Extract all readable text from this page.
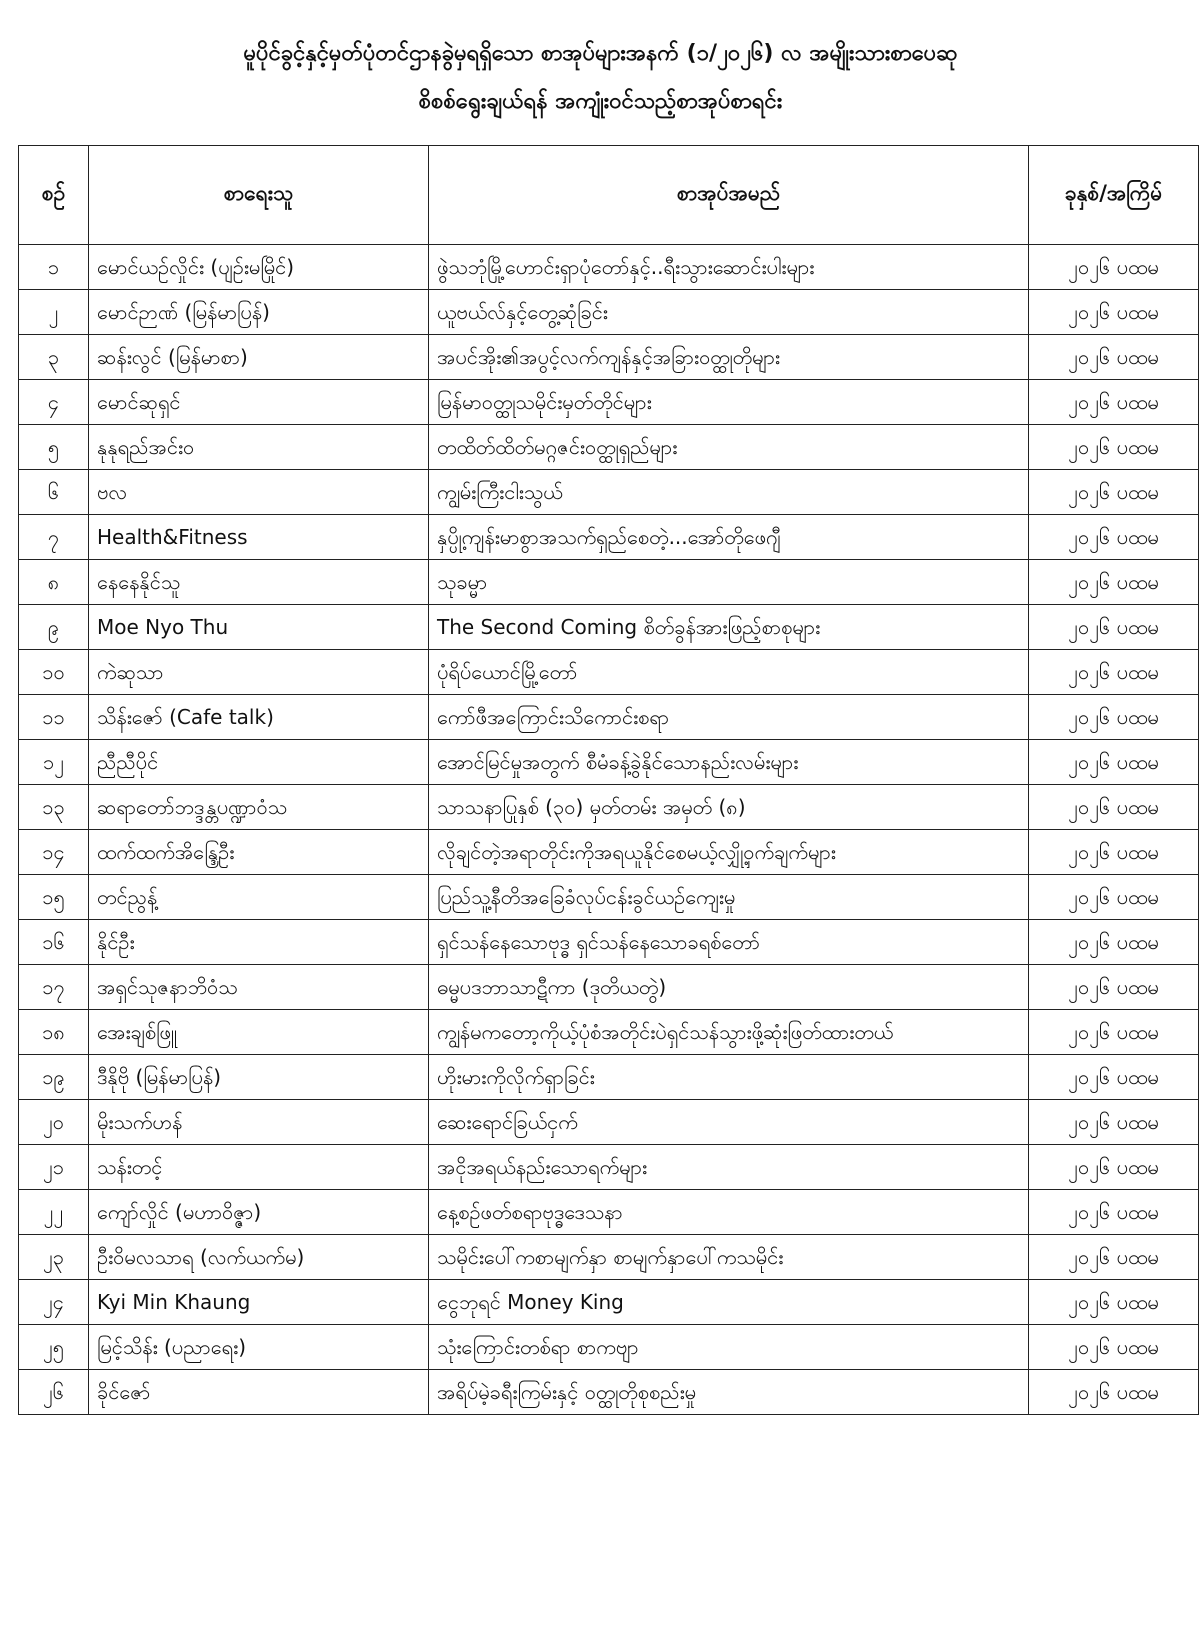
မူပိုင်ခွင့်နှင့်မှတ်ပုံတင်ဌာနခွဲမှရရှိသော စာအုပ်များအနက် (၁/၂၀၂၆) လ အမျိုးသားစာပေဆု
စိစစ်ရွေးချယ်ရန် အကျုံးဝင်သည့်စာအုပ်စာရင်း
စဉ်	စာရေးသူ	စာအုပ်အမည်	ခုနှစ်/အကြိမ်
၁	မောင်ယဉ်လှိုင်း (ပျဉ်းမမြိုင်)	ဖွဲသဘုံမြို့ဟောင်းရှာပုံတော်နှင့်..ရီးသွားဆောင်းပါးများ	၂၀၂၆ ပထမ
၂	မောင်ဉာဏ် (မြန်မာပြန်)	ယူဗယ်လ်နှင့်တွေ့ဆုံခြင်း	၂၀၂၆ ပထမ
၃	ဆန်းလွင် (မြန်မာစာ)	အပင်အိုး၏အပွင့်လက်ကျန်နှင့်အခြားဝတ္ထုတိုများ	၂၀၂၆ ပထမ
၄	မောင်ဆုရှင်	မြန်မာဝတ္ထုသမိုင်းမှတ်တိုင်များ	၂၀၂၆ ပထမ
၅	နုနုရည်အင်းဝ	တထိတ်ထိတ်မဂ္ဂဇင်းဝတ္ထုရှည်များ	၂၀၂၆ ပထမ
၆	ဗလ	ကျွမ်းကြီးငါးသွယ်	၂၀၂၆ ပထမ
၇	Health&Fitness	နှပ္ပို့ကျန်းမာစွာအသက်ရှည်စေတဲ့...အော်တိုဖေဂျီ	၂၀၂၆ ပထမ
၈	နေနေနိုင်သူ	သုခမ္မာ	၂၀၂၆ ပထမ
၉	Moe Nyo Thu	The Second Coming စိတ်ခွန်အားဖြည့်စာစုများ	၂၀၂၆ ပထမ
၁၀	ကဲဆုသာ	ပုံရိပ်ယောင်မြို့တော်	၂၀၂၆ ပထမ
၁၁	သိန်းဇော် (Cafe talk)	ကော်ဖီအကြောင်းသိကောင်းစရာ	၂၀၂၆ ပထမ
၁၂	ညီညီပိုင်	အောင်မြင်မှုအတွက် စီမံခန့်ခွဲနိုင်သောနည်းလမ်းများ	၂၀၂၆ ပထမ
၁၃	ဆရာတော်ဘဒ္ဒန္တပဏ္ဍာဝံသ	သာသနာပြုနှစ် (၃၀) မှတ်တမ်း အမှတ် (၈)	၂၀၂၆ ပထမ
၁၄	ထက်ထက်အိန္ဒြေဦး	လိုချင်တဲ့အရာတိုင်းကိုအရယူနိုင်စေမယ့်လျှို့ဝှက်ချက်များ	၂၀၂၆ ပထမ
၁၅	တင်ညွန့်	ပြည်သူ့နီတိအခြေခံလုပ်ငန်းခွင်ယဉ်ကျေးမှု	၂၀၂၆ ပထမ
၁၆	နိုင်ဦး	ရှင်သန်နေသောဗုဒ္ဓ ရှင်သန်နေသောခရစ်တော်	၂၀၂၆ ပထမ
၁၇	အရှင်သုဇနာဘိဝံသ	ဓမ္မပဒဘာသာဋီကာ (ဒုတိယတွဲ)	၂၀၂၆ ပထမ
၁၈	အေးချစ်ဖြူ	ကျွန်မကတော့ကိုယ့်ပုံစံအတိုင်းပဲရှင်သန်သွားဖို့ဆုံးဖြတ်ထားတယ်	၂၀၂၆ ပထမ
၁၉	ဒီနိုဗို (မြန်မာပြန်)	ဟိုးမားကိုလိုက်ရှာခြင်း	၂၀၂၆ ပထမ
၂၀	မိုးသက်ဟန်	ဆေးရောင်ခြယ်ငှက်	၂၀၂၆ ပထမ
၂၁	သန်းတင့်	အငိုအရယ်နည်းသောရက်များ	၂၀၂၆ ပထမ
၂၂	ကျော်လှိုင် (မဟာဝိဇ္ဇာ)	နေ့စဉ်ဖတ်စရာဗုဒ္ဓဒေသနာ	၂၀၂၆ ပထမ
၂၃	ဦးဝိမလသာရ (လက်ယက်မ)	သမိုင်းပေါ်ကစာမျက်နှာ စာမျက်နှာပေါ်ကသမိုင်း	၂၀၂၆ ပထမ
၂၄	Kyi Min Khaung	ငွေဘုရင် Money King	၂၀၂၆ ပထမ
၂၅	မြင့်သိန်း (ပညာရေး)	သုံးကြောင်းတစ်ရာ စာကဗျာ	၂၀၂၆ ပထမ
၂၆	ခိုင်ဇော်	အရိပ်မဲ့ခရီးကြမ်းနှင့် ဝတ္ထုတိုစုစည်းမှု	၂၀၂၆ ပထမ
